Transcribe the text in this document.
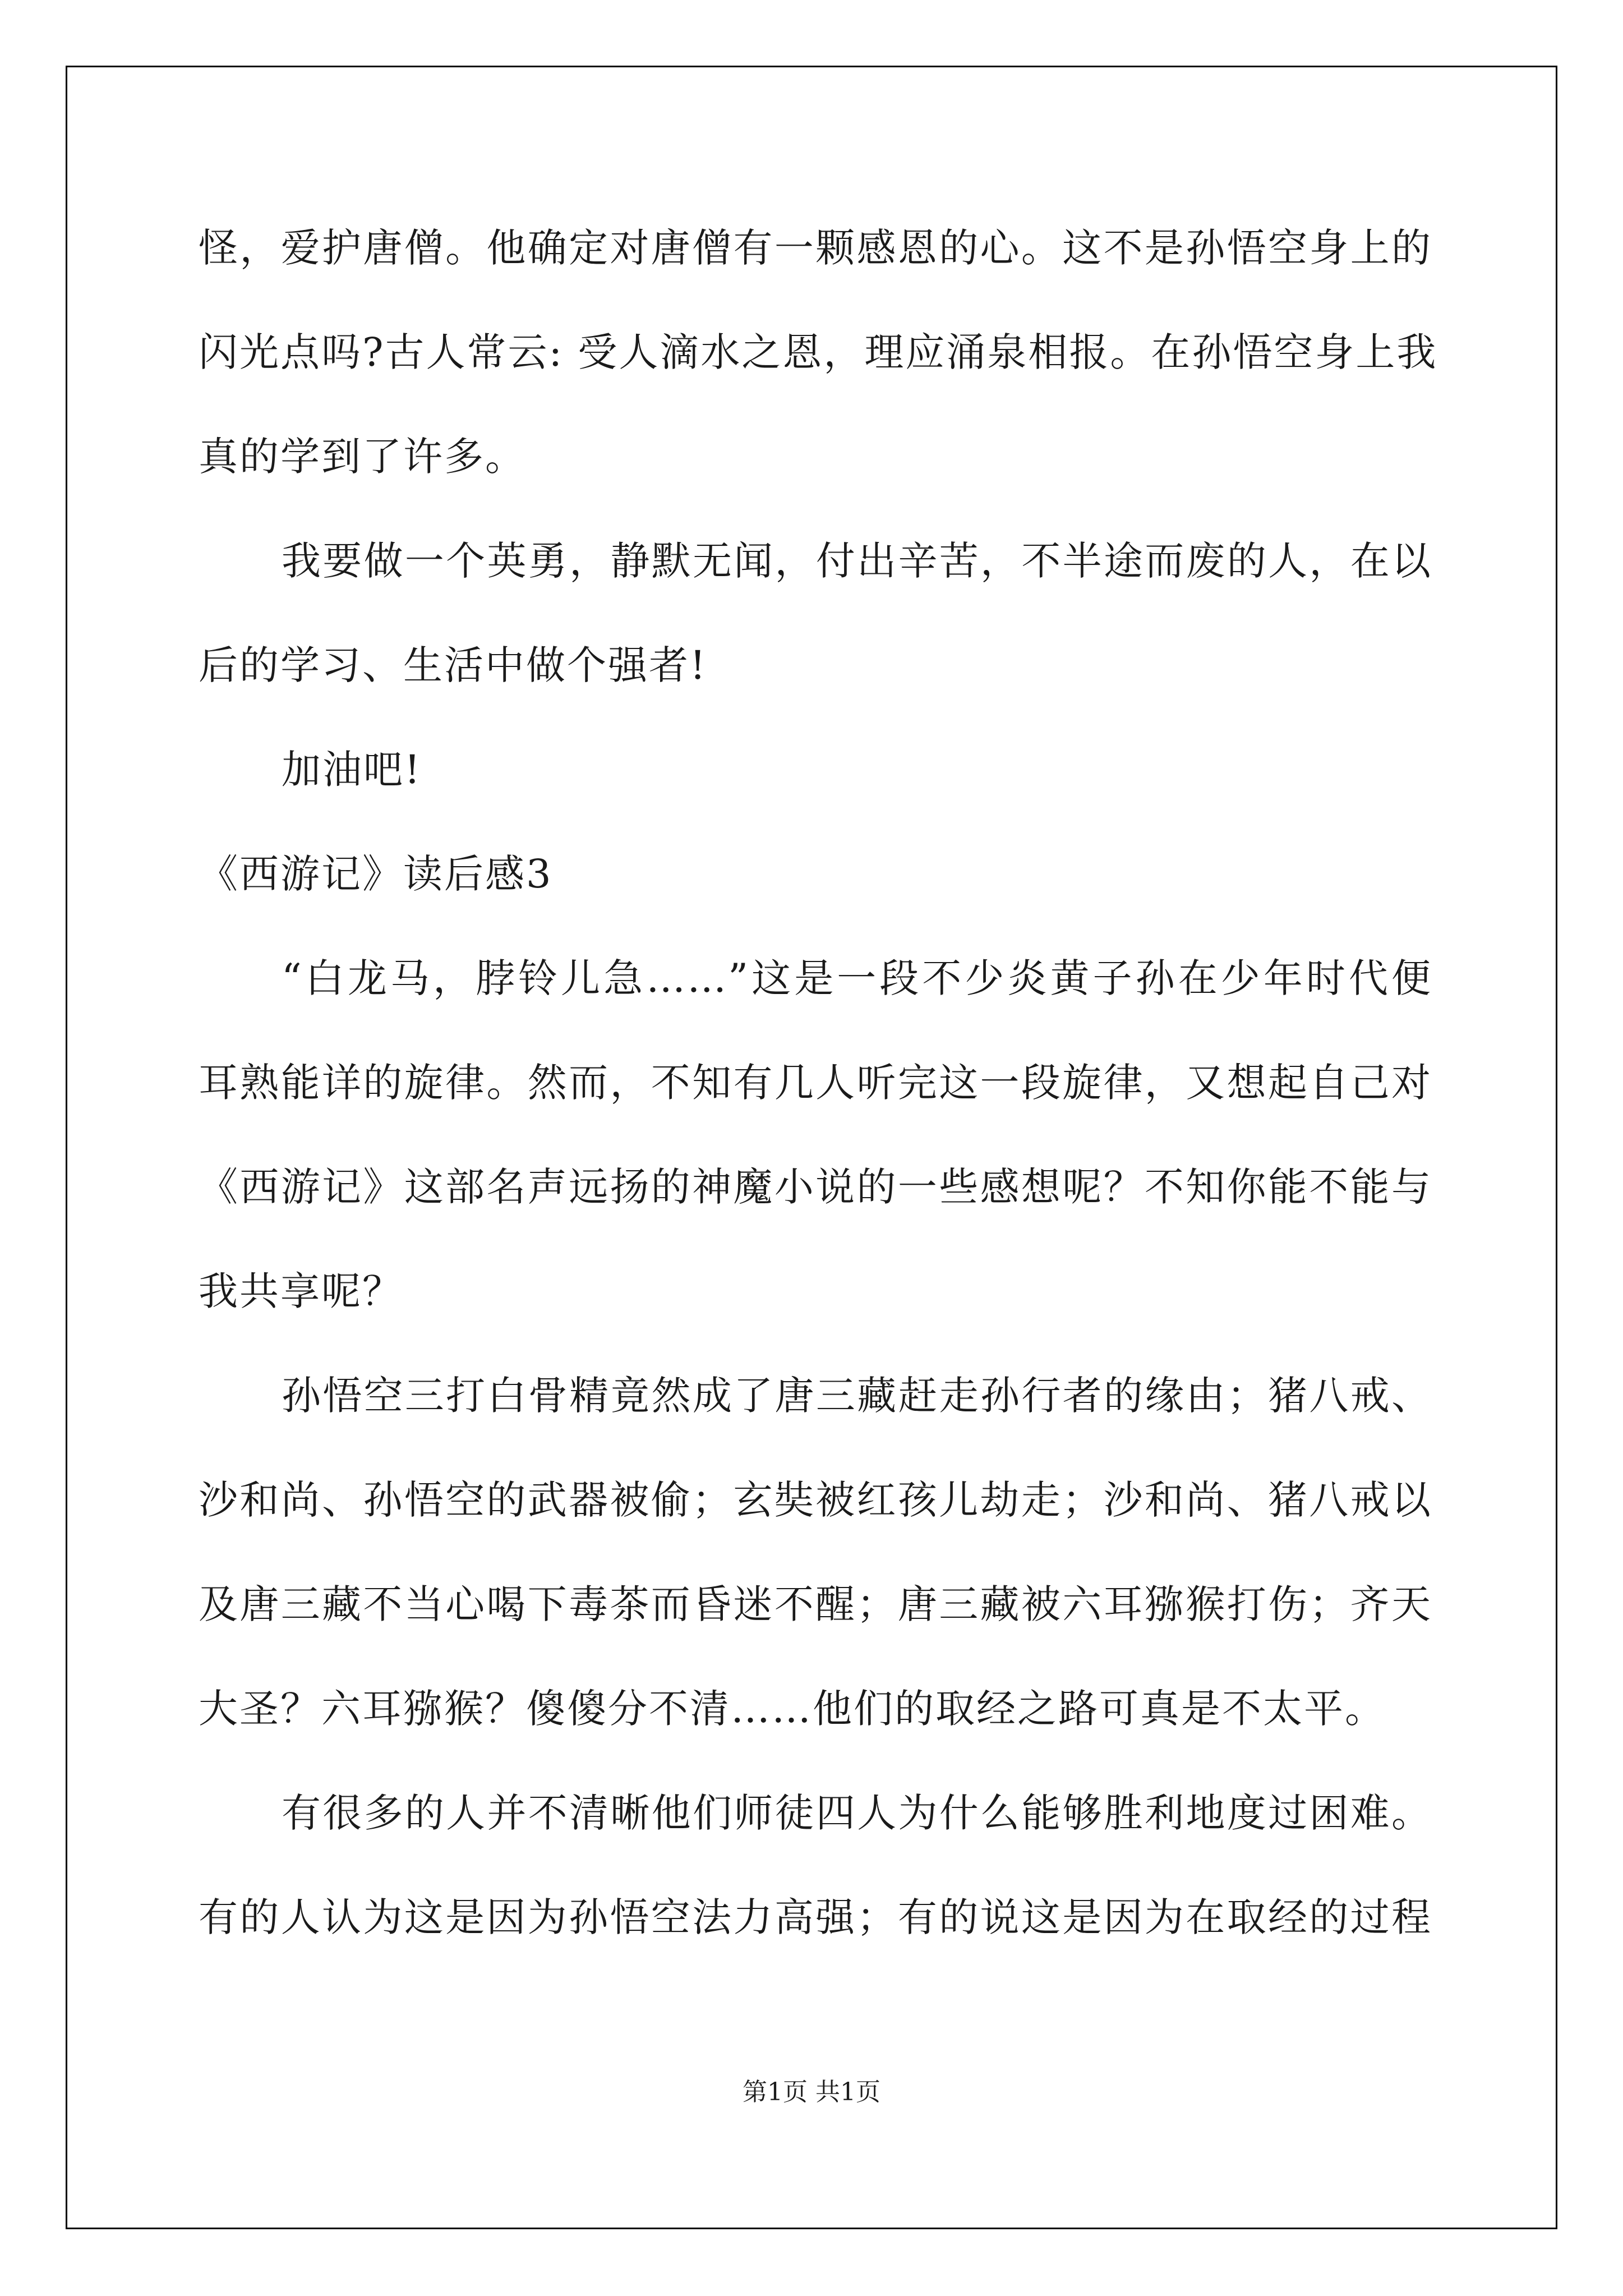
怪，爱护唐僧。他确定对唐僧有一颗感恩的心。这不是孙悟空身上的
闪光点吗?古人常云: 受人滴水之恩，理应涌泉相报。在孙悟空身上我
真的学到了许多。
我要做一个英勇，静默无闻，付出辛苦，不半途而废的人，在以
后的学习、生活中做个强者!
加油吧!
《西游记》读后感3
“白龙马，脖铃儿急……”这是一段不少炎黄子孙在少年时代便
耳熟能详的旋律。然而，不知有几人听完这一段旋律，又想起自己对
《西游记》这部名声远扬的神魔小说的一些感想呢？不知你能不能与
我共享呢？
孙悟空三打白骨精竟然成了唐三藏赶走孙行者的缘由；猪八戒、
沙和尚、孙悟空的武器被偷；玄奘被红孩儿劫走；沙和尚、猪八戒以
及唐三藏不当心喝下毒茶而昏迷不醒；唐三藏被六耳猕猴打伤；齐天
大圣？六耳猕猴？傻傻分不清……他们的取经之路可真是不太平。
有很多的人并不清晰他们师徒四人为什么能够胜利地度过困难。
有的人认为这是因为孙悟空法力高强；有的说这是因为在取经的过程
第1页 共1页
